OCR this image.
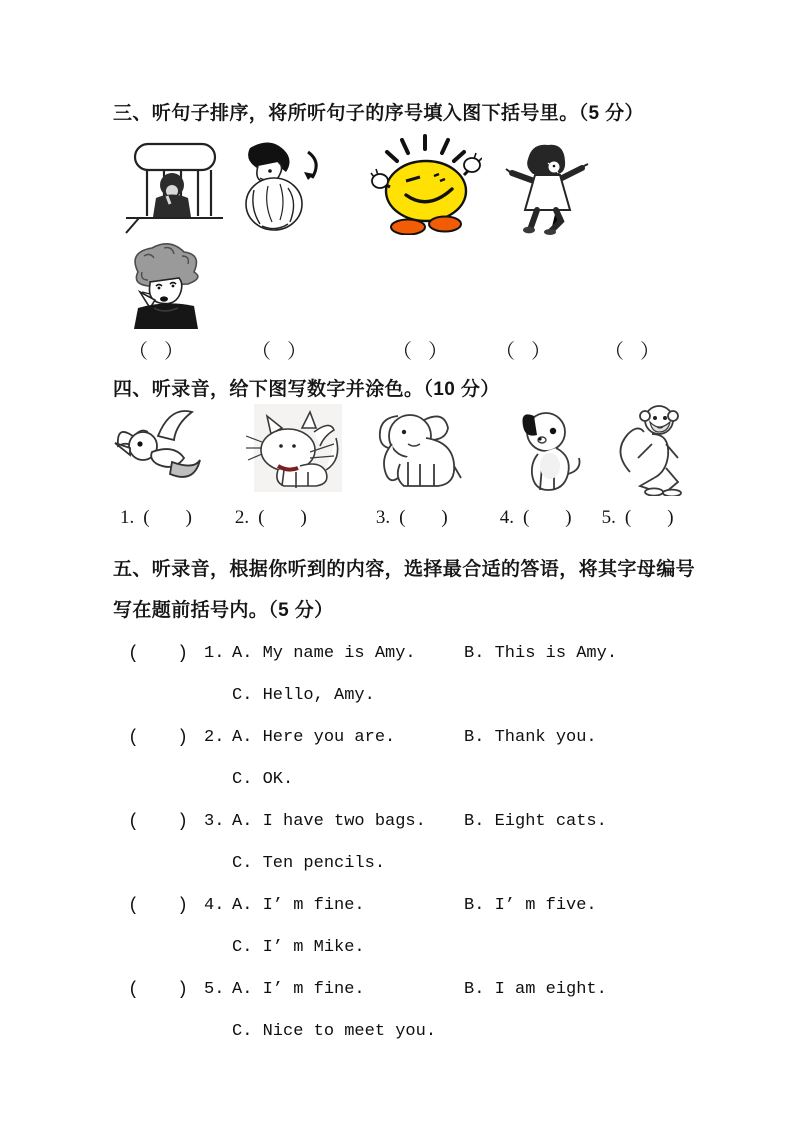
三、听句子排序，将所听句子的序号填入图下括号里。（5 分）
（ ）	（ ）	（ ） （ ）	（ ）
四、听录音，给下图写数字并涂色。（10 分）
1. ( ) 2. ( )	3. ( )	4. ( ) 5. ( )
五、听录音，根据你听到的内容，选择最合适的答语，将其字母编号
写在题前括号内。（5 分）
( ) 1. A. My name is Amy.	B. This is Amy.
C. Hello, Amy.
( ) 2. A. Here you are.	B. Thank you.
C. OK.
( ) 3. A. I have two bags.	B. Eight cats.
C. Ten pencils.
( ) 4. A. I’ m fine.	B. I’ m five.
C. I’ m Mike.
( ) 5. A. I’ m fine.	B. I am eight.
C. Nice to meet you.
